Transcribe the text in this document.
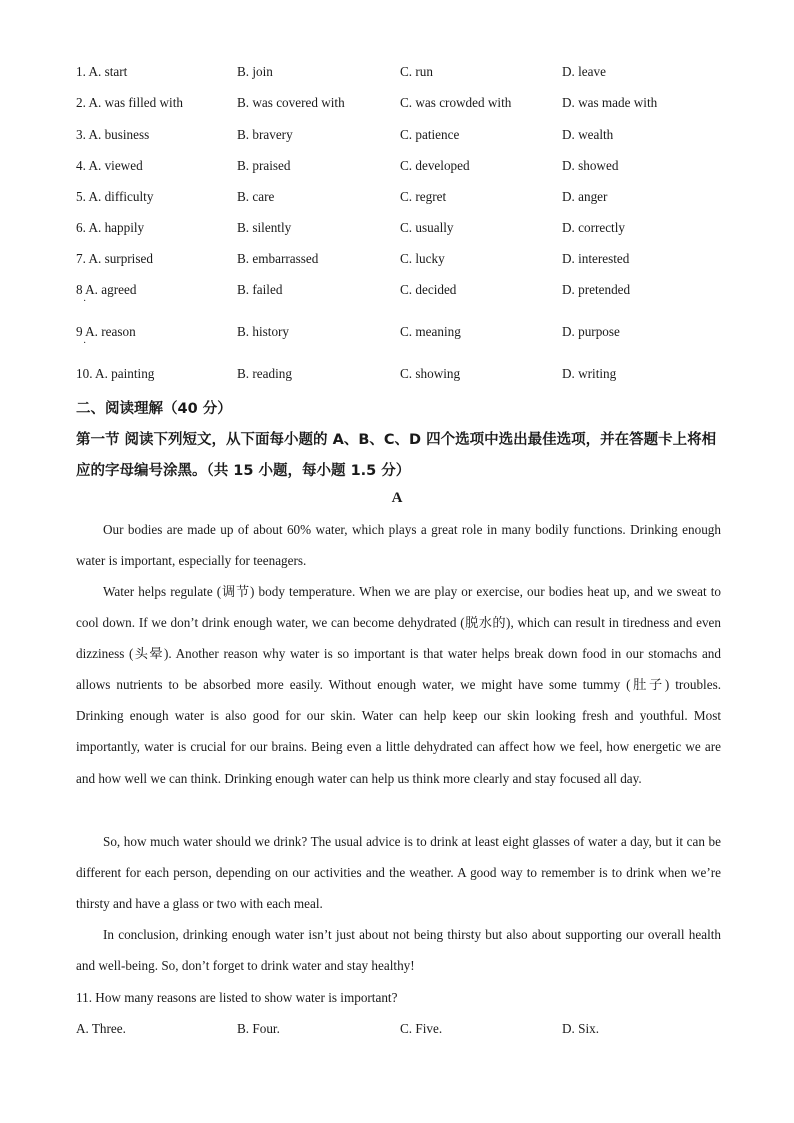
1. A. start	B. join	C. run	D. leave
2. A. was filled with	B. was covered with	C. was crowded with	D. was made with
3. A. business	B. bravery	C. patience	D. wealth
4. A. viewed	B. praised	C. developed	D. showed
5. A. difficulty	B. care	C. regret	D. anger
6. A. happily	B. silently	C. usually	D. correctly
7. A. surprised	B. embarrassed	C. lucky	D. interested
8 A. agreed	B. failed	C. decided	D. pretended
·
9 A. reason	B. history	C. meaning	D. purpose
·
10. A. painting	B. reading	C. showing	D. writing
二、阅读理解（40 分）
第一节 阅读下列短文，从下面每小题的 A、B、C、D 四个选项中选出最佳选项，并在答题卡上将相应的字母编号涂黑。（共 15 小题，每小题 1.5 分）
A

Our bodies are made up of about 60% water, which plays a great role in many bodily functions. Drinking enough water is important, especially for teenagers.

Water helps regulate (调节) body temperature. When we are play or exercise, our bodies heat up, and we sweat to cool down. If we don’t drink enough water, we can become dehydrated (脱水的), which can result in tiredness and even dizziness (头晕). Another reason why water is so important is that water helps break down food in our stomachs and allows nutrients to be absorbed more easily. Without enough water, we might have some tummy (肚子) troubles. Drinking enough water is also good for our skin. Water can help keep our skin looking fresh and youthful. Most importantly, water is crucial for our brains. Being even a little dehydrated can affect how we feel, how energetic we are and how well we can think. Drinking enough water can help us think more clearly and stay focused all day.

So, how much water should we drink? The usual advice is to drink at least eight glasses of water a day, but it can be different for each person, depending on our activities and the weather. A good way to remember is to drink when we’re thirsty and have a glass or two with each meal.

In conclusion, drinking enough water isn’t just about not being thirsty but also about supporting our overall health and well-being. So, don’t forget to drink water and stay healthy!

11. How many reasons are listed to show water is important?
A. Three.	B. Four.	C. Five.	D. Six.
